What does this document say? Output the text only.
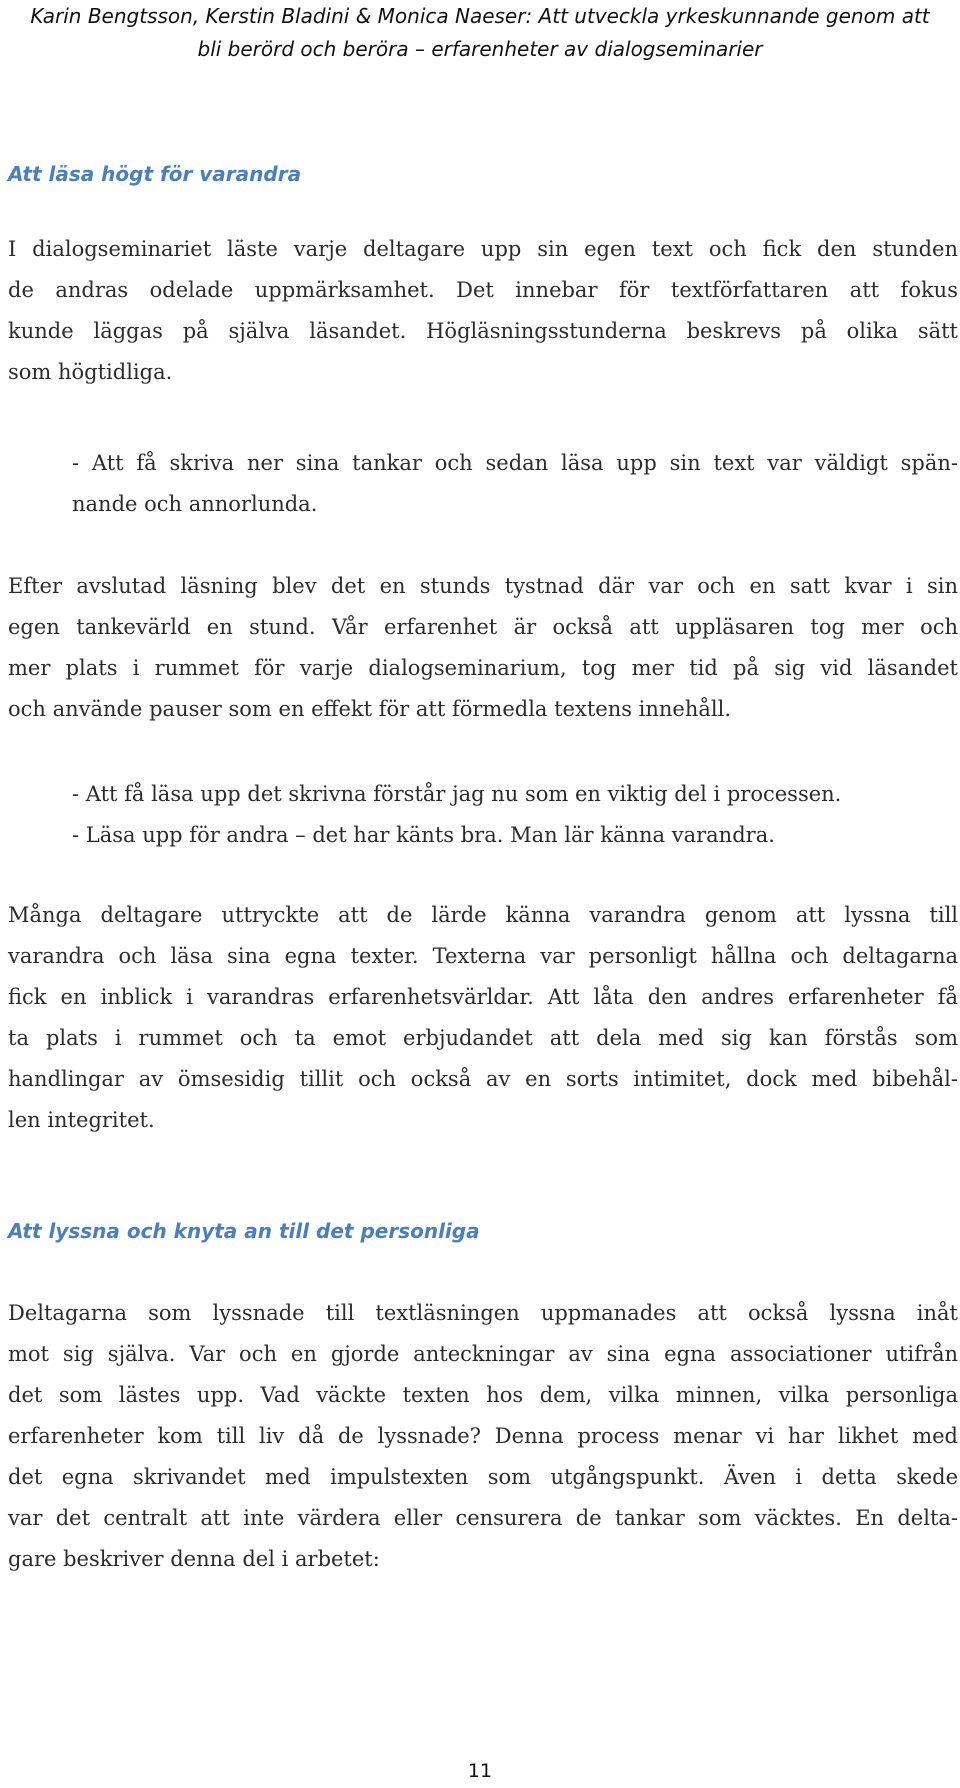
Karin Bengtsson, Kerstin Bladini & Monica Naeser: Att utveckla yrkeskunnande genom att
bli berörd och beröra – erfarenheter av dialogseminarier
Att läsa högt för varandra

I dialogseminariet läste varje deltagare upp sin egen text och fick den stunden
de andras odelade uppmärksamhet. Det innebar för textförfattaren att fokus
kunde läggas på själva läsandet. Högläsningsstunderna beskrevs på olika sätt
som högtidliga.

- Att få skriva ner sina tankar och sedan läsa upp sin text var väldigt spän-
nande och annorlunda.

Efter avslutad läsning blev det en stunds tystnad där var och en satt kvar i sin
egen tankevärld en stund. Vår erfarenhet är också att uppläsaren tog mer och
mer plats i rummet för varje dialogseminarium, tog mer tid på sig vid läsandet
och använde pauser som en effekt för att förmedla textens innehåll.

- Att få läsa upp det skrivna förstår jag nu som en viktig del i processen.
- Läsa upp för andra – det har känts bra. Man lär känna varandra.

Många deltagare uttryckte att de lärde känna varandra genom att lyssna till
varandra och läsa sina egna texter. Texterna var personligt hållna och deltagarna
fick en inblick i varandras erfarenhetsvärldar. Att låta den andres erfarenheter få
ta plats i rummet och ta emot erbjudandet att dela med sig kan förstås som
handlingar av ömsesidig tillit och också av en sorts intimitet, dock med bibehål-
len integritet.

Att lyssna och knyta an till det personliga

Deltagarna som lyssnade till textläsningen uppmanades att också lyssna inåt
mot sig själva. Var och en gjorde anteckningar av sina egna associationer utifrån
det som lästes upp. Vad väckte texten hos dem, vilka minnen, vilka personliga
erfarenheter kom till liv då de lyssnade? Denna process menar vi har likhet med
det egna skrivandet med impulstexten som utgångspunkt. Även i detta skede
var det centralt att inte värdera eller censurera de tankar som väcktes. En delta-
gare beskriver denna del i arbetet:

11
